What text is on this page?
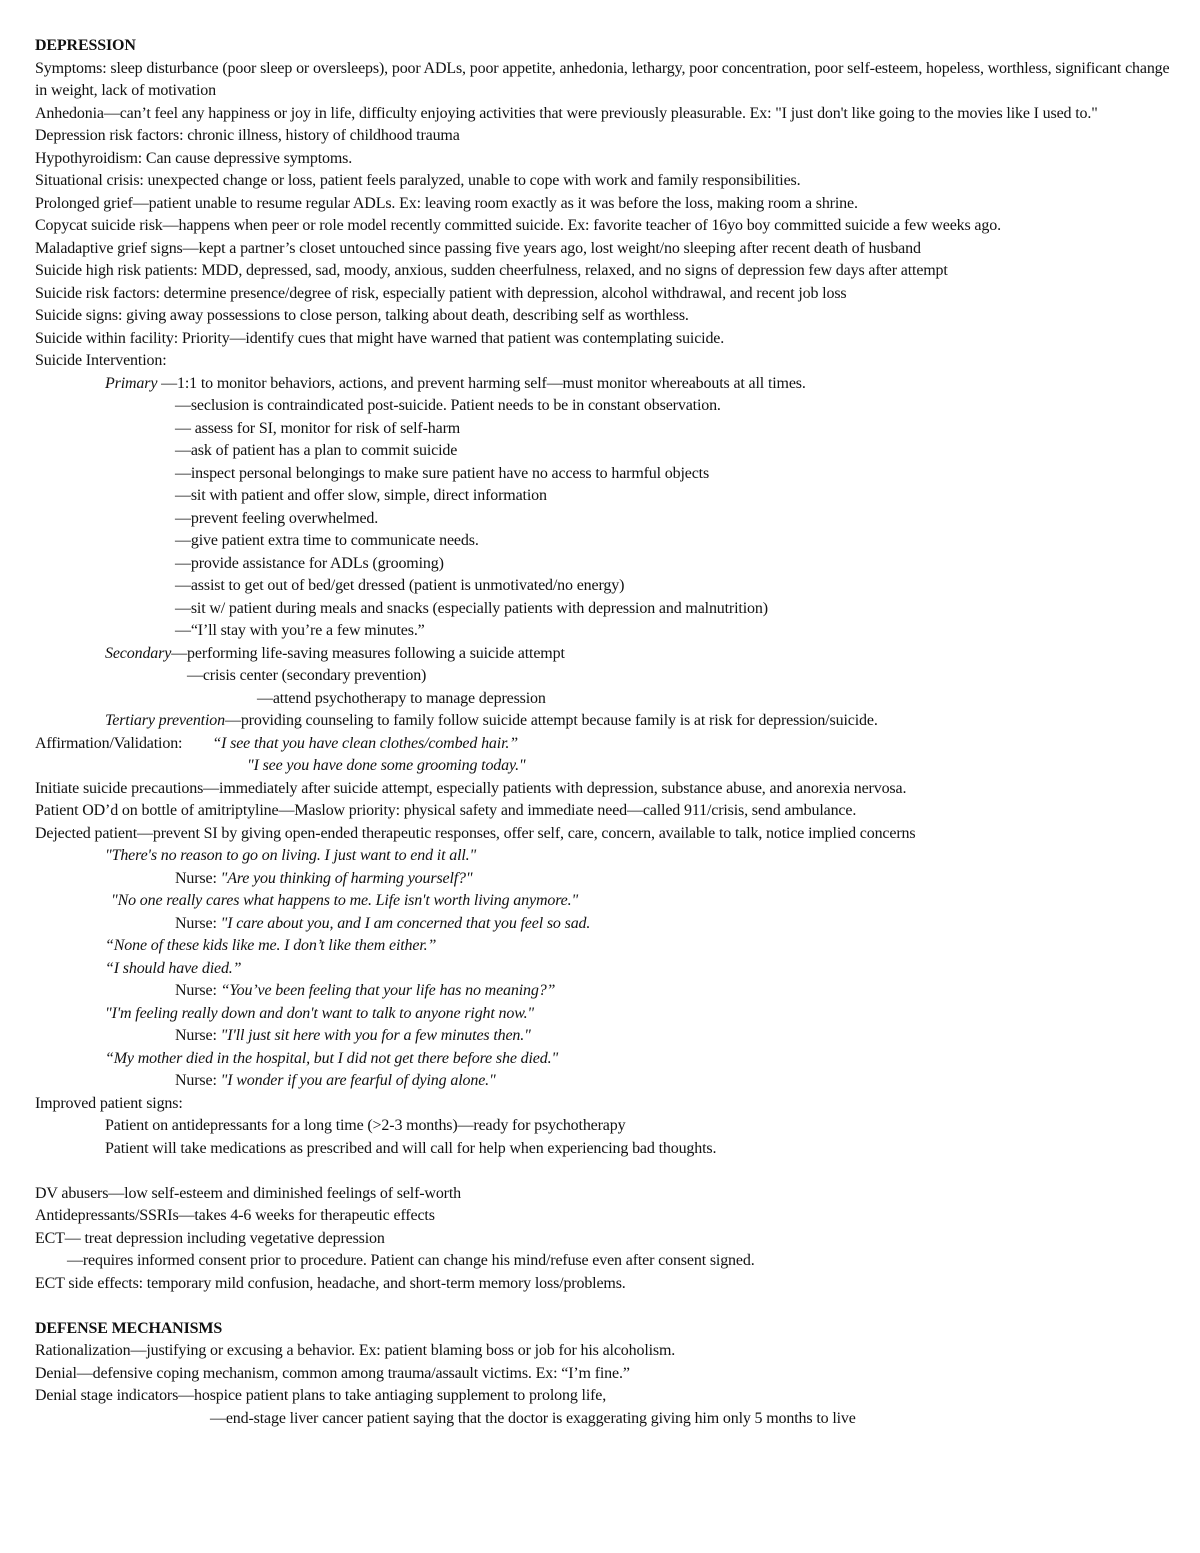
DEPRESSION

Symptoms: sleep disturbance (poor sleep or oversleeps), poor ADLs, poor appetite, anhedonia, lethargy, poor concentration, poor self-esteem, hopeless, worthless, significant change in weight, lack of motivation

Anhedonia—can’t feel any happiness or joy in life, difficulty enjoying activities that were previously pleasurable. Ex: "I just don't like going to the movies like I used to."

Depression risk factors: chronic illness, history of childhood trauma

Hypothyroidism: Can cause depressive symptoms.

Situational crisis: unexpected change or loss, patient feels paralyzed, unable to cope with work and family responsibilities.

Prolonged grief—patient unable to resume regular ADLs. Ex: leaving room exactly as it was before the loss, making room a shrine.

Copycat suicide risk—happens when peer or role model recently committed suicide. Ex: favorite teacher of 16yo boy committed suicide a few weeks ago.

Maladaptive grief signs—kept a partner’s closet untouched since passing five years ago, lost weight/no sleeping after recent death of husband

Suicide high risk patients: MDD, depressed, sad, moody, anxious, sudden cheerfulness, relaxed, and no signs of depression few days after attempt

Suicide risk factors: determine presence/degree of risk, especially patient with depression, alcohol withdrawal, and recent job loss

Suicide signs: giving away possessions to close person, talking about death, describing self as worthless.

Suicide within facility: Priority—identify cues that might have warned that patient was contemplating suicide.

Suicide Intervention:

Primary —1:1 to monitor behaviors, actions, and prevent harming self—must monitor whereabouts at all times.

—seclusion is contraindicated post-suicide. Patient needs to be in constant observation.

— assess for SI, monitor for risk of self-harm

—ask of patient has a plan to commit suicide

—inspect personal belongings to make sure patient have no access to harmful objects

—sit with patient and offer slow, simple, direct information

—prevent feeling overwhelmed.

—give patient extra time to communicate needs.

—provide assistance for ADLs (grooming)

—assist to get out of bed/get dressed (patient is unmotivated/no energy)

—sit w/ patient during meals and snacks (especially patients with depression and malnutrition)

—“I’ll stay with you’re a few minutes.”

Secondary—performing life-saving measures following a suicide attempt

—crisis center (secondary prevention)

—attend psychotherapy to manage depression

Tertiary prevention—providing counseling to family follow suicide attempt because family is at risk for depression/suicide.

Affirmation/Validation: “I see that you have clean clothes/combed hair.”

"I see you have done some grooming today."

Initiate suicide precautions—immediately after suicide attempt, especially patients with depression, substance abuse, and anorexia nervosa.

Patient OD’d on bottle of amitriptyline—Maslow priority: physical safety and immediate need—called 911/crisis, send ambulance.

Dejected patient—prevent SI by giving open-ended therapeutic responses, offer self, care, concern, available to talk, notice implied concerns

"There's no reason to go on living. I just want to end it all."

Nurse: "Are you thinking of harming yourself?"

"No one really cares what happens to me. Life isn't worth living anymore."

Nurse: "I care about you, and I am concerned that you feel so sad.

“None of these kids like me. I don’t like them either.”

“I should have died.”

Nurse: “You’ve been feeling that your life has no meaning?”

"I'm feeling really down and don't want to talk to anyone right now."

Nurse: "I'll just sit here with you for a few minutes then."

“My mother died in the hospital, but I did not get there before she died."

Nurse: "I wonder if you are fearful of dying alone."

Improved patient signs:

Patient on antidepressants for a long time (>2-3 months)—ready for psychotherapy

Patient will take medications as prescribed and will call for help when experiencing bad thoughts.

DV abusers—low self-esteem and diminished feelings of self-worth

Antidepressants/SSRIs—takes 4-6 weeks for therapeutic effects

ECT— treat depression including vegetative depression

—requires informed consent prior to procedure. Patient can change his mind/refuse even after consent signed.

ECT side effects: temporary mild confusion, headache, and short-term memory loss/problems.

DEFENSE MECHANISMS

Rationalization—justifying or excusing a behavior. Ex: patient blaming boss or job for his alcoholism.

Denial—defensive coping mechanism, common among trauma/assault victims. Ex: “I’m fine.”

Denial stage indicators—hospice patient plans to take antiaging supplement to prolong life,

—end-stage liver cancer patient saying that the doctor is exaggerating giving him only 5 months to live
